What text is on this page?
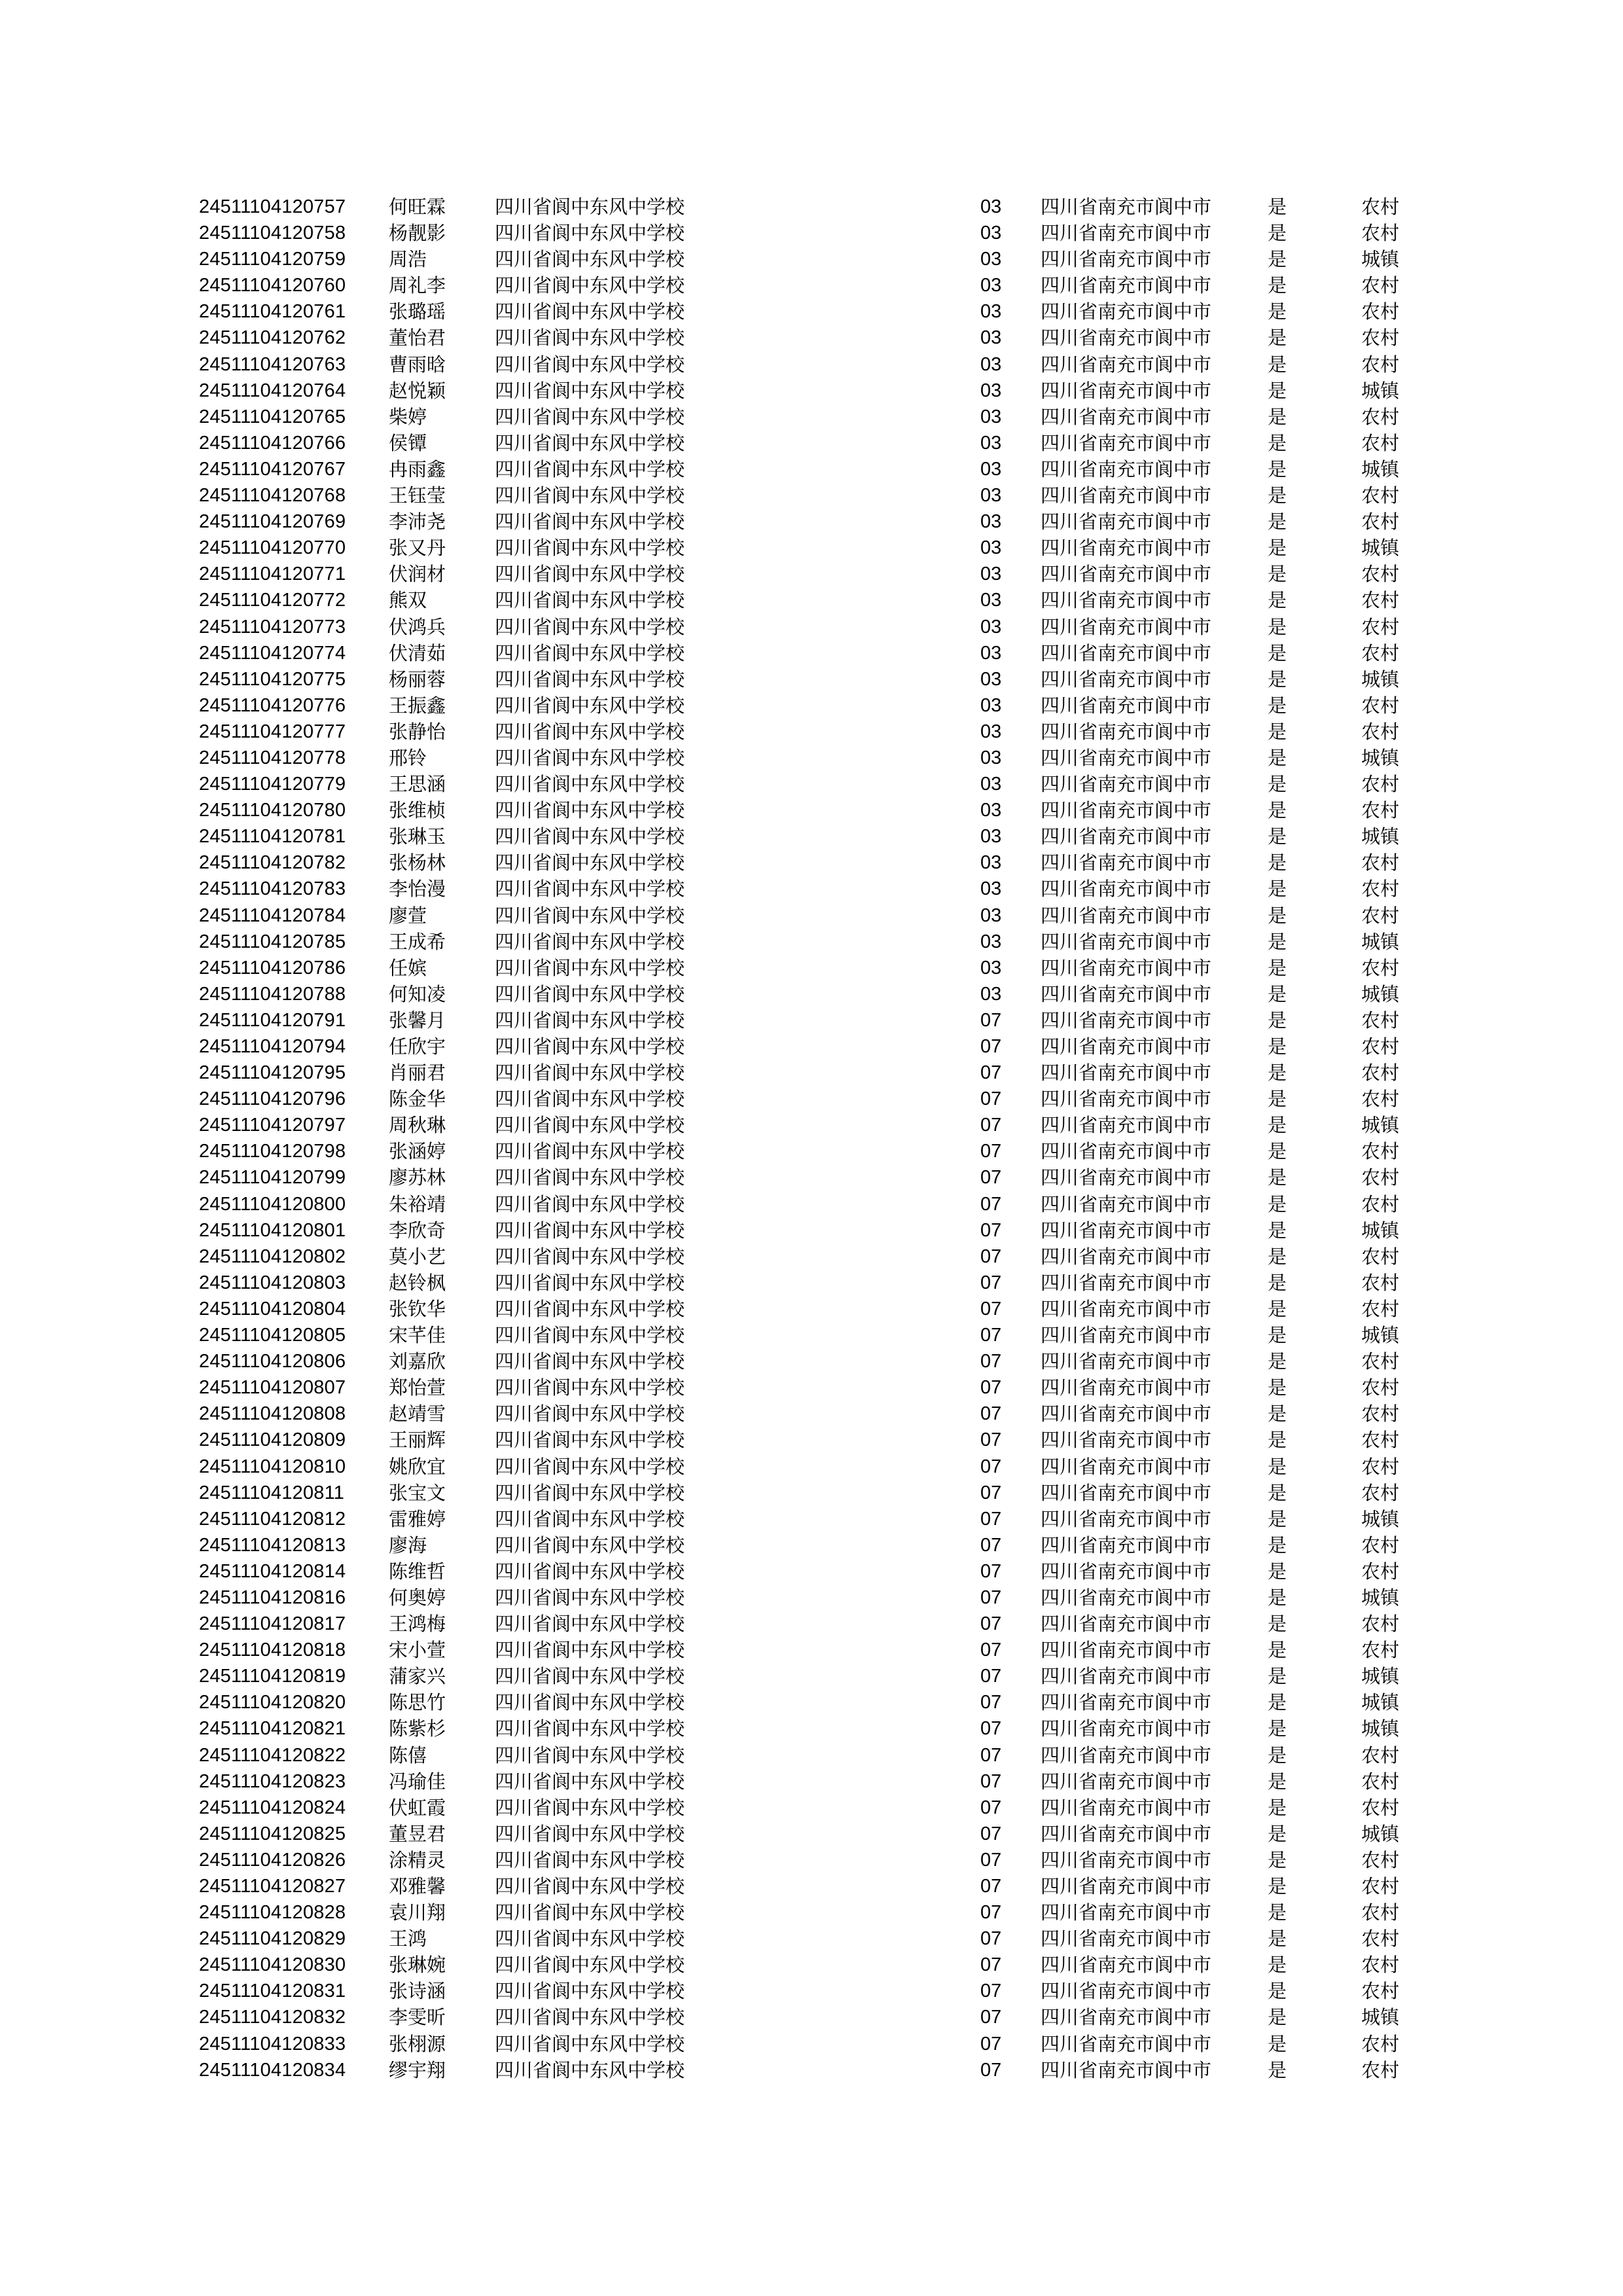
24511104120757 何旺霖	四川省阆中东风中学校	03 四川省南充市阆中市	是	农村
24511104120758 杨靓影	四川省阆中东风中学校	03 四川省南充市阆中市	是	农村
24511104120759 周浩	四川省阆中东风中学校	03 四川省南充市阆中市	是	城镇
24511104120760 周礼李	四川省阆中东风中学校	03 四川省南充市阆中市	是	农村
24511104120761 张璐瑶	四川省阆中东风中学校	03 四川省南充市阆中市	是	农村
24511104120762 董怡君	四川省阆中东风中学校	03 四川省南充市阆中市	是	农村
24511104120763 曹雨晗	四川省阆中东风中学校	03 四川省南充市阆中市	是	农村
24511104120764 赵悦颖	四川省阆中东风中学校	03 四川省南充市阆中市	是	城镇
24511104120765 柴婷	四川省阆中东风中学校	03 四川省南充市阆中市	是	农村
24511104120766 侯镡	四川省阆中东风中学校	03 四川省南充市阆中市	是	农村
24511104120767 冉雨鑫	四川省阆中东风中学校	03 四川省南充市阆中市	是	城镇
24511104120768 王钰莹	四川省阆中东风中学校	03 四川省南充市阆中市	是	农村
24511104120769 李沛尧	四川省阆中东风中学校	03 四川省南充市阆中市	是	农村
24511104120770 张又丹	四川省阆中东风中学校	03 四川省南充市阆中市	是	城镇
24511104120771 伏润材	四川省阆中东风中学校	03 四川省南充市阆中市	是	农村
24511104120772 熊双	四川省阆中东风中学校	03 四川省南充市阆中市	是	农村
24511104120773 伏鸿兵	四川省阆中东风中学校	03 四川省南充市阆中市	是	农村
24511104120774 伏清茹	四川省阆中东风中学校	03 四川省南充市阆中市	是	农村
24511104120775 杨丽蓉	四川省阆中东风中学校	03 四川省南充市阆中市	是	城镇
24511104120776 王振鑫	四川省阆中东风中学校	03 四川省南充市阆中市	是	农村
24511104120777 张静怡	四川省阆中东风中学校	03 四川省南充市阆中市	是	农村
24511104120778 邢铃	四川省阆中东风中学校	03 四川省南充市阆中市	是	城镇
24511104120779 王思涵	四川省阆中东风中学校	03 四川省南充市阆中市	是	农村
24511104120780 张维桢	四川省阆中东风中学校	03 四川省南充市阆中市	是	农村
24511104120781 张琳玉	四川省阆中东风中学校	03 四川省南充市阆中市	是	城镇
24511104120782 张杨林	四川省阆中东风中学校	03 四川省南充市阆中市	是	农村
24511104120783 李怡漫	四川省阆中东风中学校	03 四川省南充市阆中市	是	农村
24511104120784 廖萱	四川省阆中东风中学校	03 四川省南充市阆中市	是	农村
24511104120785 王成希	四川省阆中东风中学校	03 四川省南充市阆中市	是	城镇
24511104120786 任嫔	四川省阆中东风中学校	03 四川省南充市阆中市	是	农村
24511104120788 何知凌	四川省阆中东风中学校	03 四川省南充市阆中市	是	城镇
24511104120791 张馨月	四川省阆中东风中学校	07 四川省南充市阆中市	是	农村
24511104120794 任欣宇	四川省阆中东风中学校	07 四川省南充市阆中市	是	农村
24511104120795 肖丽君	四川省阆中东风中学校	07 四川省南充市阆中市	是	农村
24511104120796 陈金华	四川省阆中东风中学校	07 四川省南充市阆中市	是	农村
24511104120797 周秋琳	四川省阆中东风中学校	07 四川省南充市阆中市	是	城镇
24511104120798 张涵婷	四川省阆中东风中学校	07 四川省南充市阆中市	是	农村
24511104120799 廖苏林	四川省阆中东风中学校	07 四川省南充市阆中市	是	农村
24511104120800 朱裕靖	四川省阆中东风中学校	07 四川省南充市阆中市	是	农村
24511104120801 李欣奇	四川省阆中东风中学校	07 四川省南充市阆中市	是	城镇
24511104120802 莫小艺	四川省阆中东风中学校	07 四川省南充市阆中市	是	农村
24511104120803 赵铃枫	四川省阆中东风中学校	07 四川省南充市阆中市	是	农村
24511104120804 张钦华	四川省阆中东风中学校	07 四川省南充市阆中市	是	农村
24511104120805 宋芊佳	四川省阆中东风中学校	07 四川省南充市阆中市	是	城镇
24511104120806 刘嘉欣	四川省阆中东风中学校	07 四川省南充市阆中市	是	农村
24511104120807 郑怡萱	四川省阆中东风中学校	07 四川省南充市阆中市	是	农村
24511104120808 赵靖雪	四川省阆中东风中学校	07 四川省南充市阆中市	是	农村
24511104120809 王丽辉	四川省阆中东风中学校	07 四川省南充市阆中市	是	农村
24511104120810 姚欣宜	四川省阆中东风中学校	07 四川省南充市阆中市	是	农村
24511104120811 张宝文	四川省阆中东风中学校	07 四川省南充市阆中市	是	农村
24511104120812 雷雅婷	四川省阆中东风中学校	07 四川省南充市阆中市	是	城镇
24511104120813 廖海	四川省阆中东风中学校	07 四川省南充市阆中市	是	农村
24511104120814 陈维哲	四川省阆中东风中学校	07 四川省南充市阆中市	是	农村
24511104120816 何奥婷	四川省阆中东风中学校	07 四川省南充市阆中市	是	城镇
24511104120817 王鸿梅	四川省阆中东风中学校	07 四川省南充市阆中市	是	农村
24511104120818 宋小萱	四川省阆中东风中学校	07 四川省南充市阆中市	是	农村
24511104120819 蒲家兴	四川省阆中东风中学校	07 四川省南充市阆中市	是	城镇
24511104120820 陈思竹	四川省阆中东风中学校	07 四川省南充市阆中市	是	城镇
24511104120821 陈紫杉	四川省阆中东风中学校	07 四川省南充市阆中市	是	城镇
24511104120822 陈僖	四川省阆中东风中学校	07 四川省南充市阆中市	是	农村
24511104120823 冯瑜佳	四川省阆中东风中学校	07 四川省南充市阆中市	是	农村
24511104120824 伏虹霞	四川省阆中东风中学校	07 四川省南充市阆中市	是	农村
24511104120825 董昱君	四川省阆中东风中学校	07 四川省南充市阆中市	是	城镇
24511104120826 涂精灵	四川省阆中东风中学校	07 四川省南充市阆中市	是	农村
24511104120827 邓雅馨	四川省阆中东风中学校	07 四川省南充市阆中市	是	农村
24511104120828 袁川翔	四川省阆中东风中学校	07 四川省南充市阆中市	是	农村
24511104120829 王鸿	四川省阆中东风中学校	07 四川省南充市阆中市	是	农村
24511104120830 张琳婉	四川省阆中东风中学校	07 四川省南充市阆中市	是	农村
24511104120831 张诗涵	四川省阆中东风中学校	07 四川省南充市阆中市	是	农村
24511104120832 李雯昕	四川省阆中东风中学校	07 四川省南充市阆中市	是	城镇
24511104120833 张栩源	四川省阆中东风中学校	07 四川省南充市阆中市	是	农村
24511104120834 缪宇翔	四川省阆中东风中学校	07 四川省南充市阆中市	是	农村
